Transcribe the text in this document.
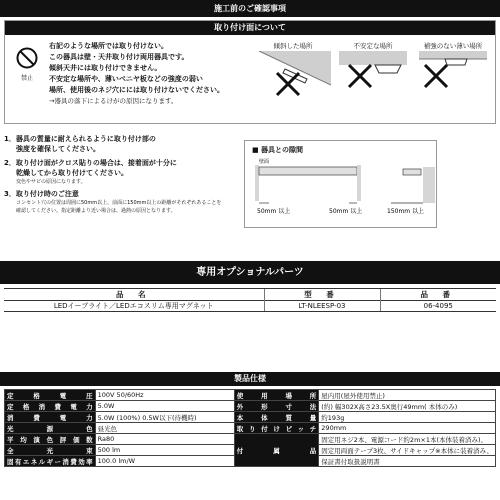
施工前のご確認事項
取り付け面について
禁止
右記のような場所では取り付けない。
この器具は壁・天井取り付け両用器具です。
傾斜天井には取り付けできません。
不安定な場所や、薄いベニヤ板などの強度の弱い
場所、使用後のネジ穴にには取り付けないでください。
→器具の落下によるけがの原因になります。
傾斜した場所	不安定な場所	補強のない薄い場所
1．器具の質量に耐えられるように取り付け部の
強度を確保してください。
2．取り付け面がクロス貼りの場合は、接着面が十分に
乾燥してから取り付けてください。
変色やサビの原因になります。
3．取り付け時のご注意
コンセント穴の位置は周囲に50mm以上、前面に150mm以上の距離がそれぞれあることを
確認してください。指定距離より近い場合は、過熱の原因となります。
■ 器具との隙間
壁面
50mm 以上	50mm 以上	150mm 以上
専用オプショナルパーツ
品 名	型 番	品 番
LEDイーブライト／LEDエコスリム専用マグネット	LT-NLEESP-03	06-4095
製品仕様
定格電圧	100V 50/60Hz	使用場所	屋内用(屋外使用禁止)
定格消費電力	5.0W	外形寸法	(約) 幅302X高さ23.5X奥行49mm( 本体のみ)
消費電力	5.0W (100%) 0.5W以下(待機時)	本体質量	約193g
光源色	昼光色	取り付けピッチ	290mm
平均演色評価数	Ra80	付属品	固定用ネジ2本、電源コード約2m×1本(本体装着済み)、
全光束	500 lm		固定用両面テープ3枚、サイドキャップ※本体に装着済み、
固有エネルギー消費効率	100.0 lm/W		保証書付取扱説明書
